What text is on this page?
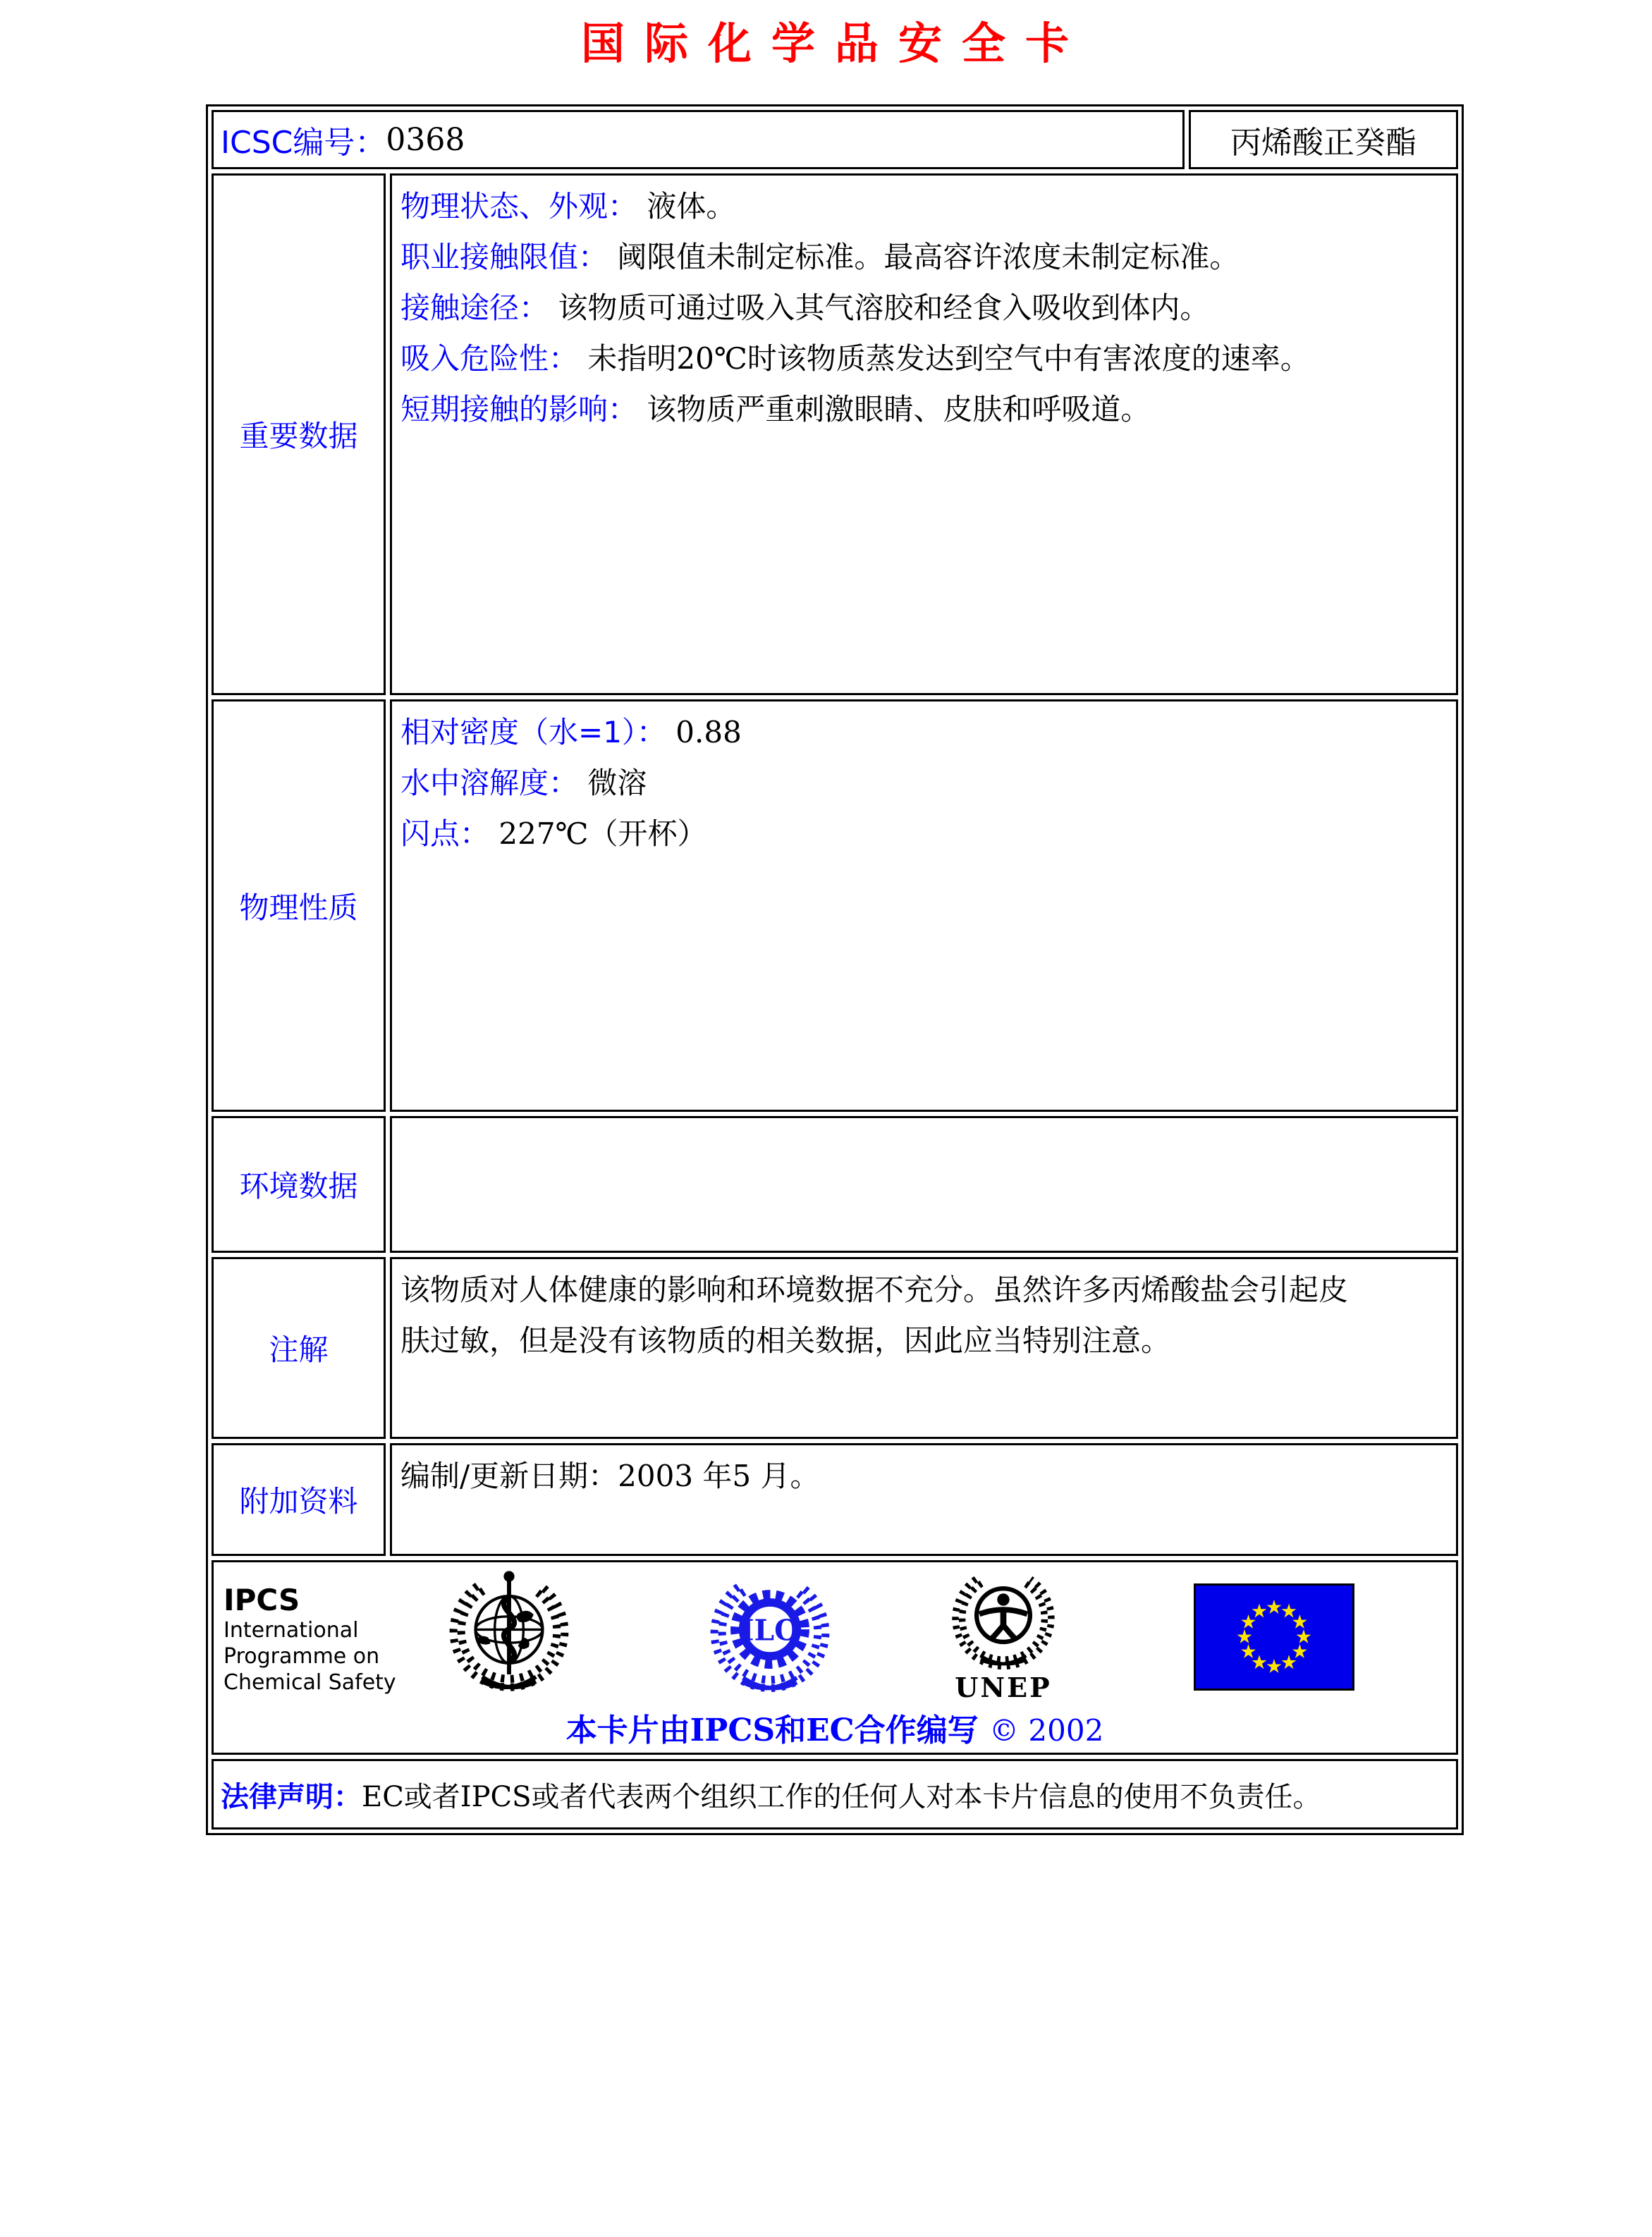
国际化学品安全卡
ICSC编号： 0368	丙烯酸正癸酯
重要数据
物理状态、外观： 液体。
职业接触限值： 阈限值未制定标准。最高容许浓度未制定标准。
接触途径： 该物质可通过吸入其气溶胶和经食入吸收到体内。
吸入危险性： 未指明20℃时该物质蒸发达到空气中有害浓度的速率。
短期接触的影响： 该物质严重刺激眼睛、皮肤和呼吸道。
物理性质
相对密度（水=1）： 0.88
水中溶解度： 微溶
闪点： 227℃（开杯）
环境数据
注解
该物质对人体健康的影响和环境数据不充分。虽然许多丙烯酸盐会引起皮肤过敏，但是没有该物质的相关数据，因此应当特别注意。
附加资料
编制/更新日期：2003 年5 月。
IPCS
International
Programme on
Chemical Safety
ILO
UNEP
本卡片由IPCS和EC合作编写 © 2002
法律声明： EC或者IPCS或者代表两个组织工作的任何人对本卡片信息的使用不负责任。
